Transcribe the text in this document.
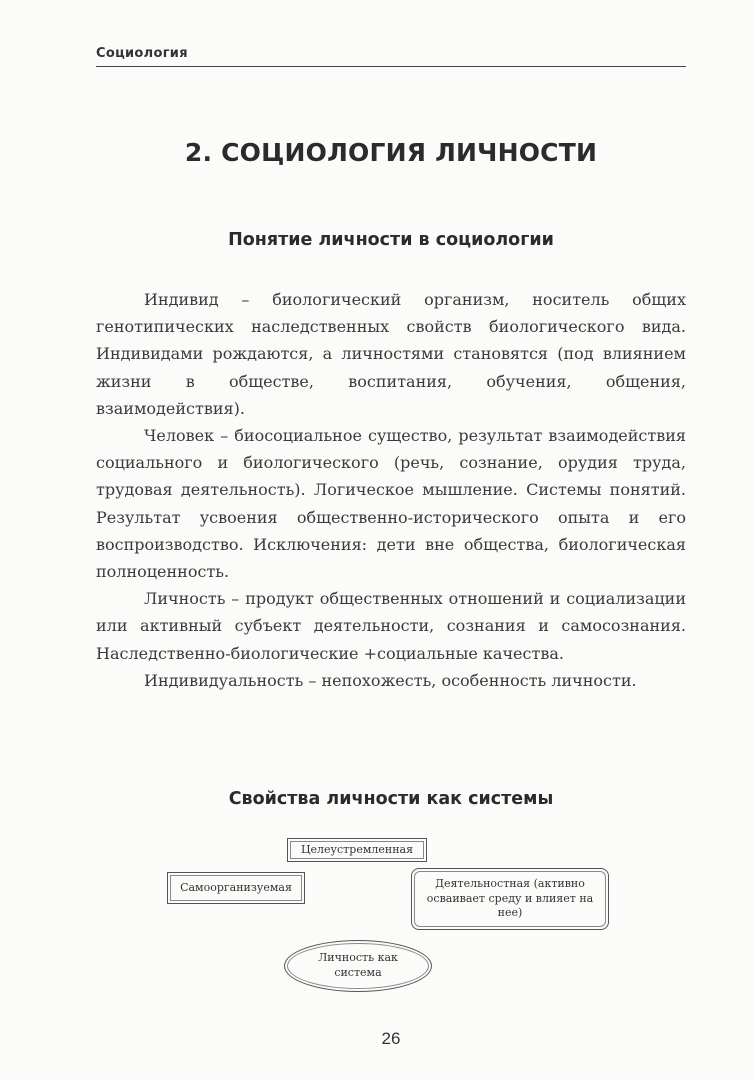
Социология
2. СОЦИОЛОГИЯ ЛИЧНОСТИ
Понятие личности в социологии

Индивид – биологический организм, носитель общих генотипических наследственных свойств биологического вида. Индивидами рождаются, а личностями становятся (под влиянием жизни в обществе, воспитания, обучения, общения, взаимодействия).

Человек – биосоциальное существо, результат взаимодействия социального и биологического (речь, сознание, орудия труда, трудовая деятельность). Логическое мышление. Системы понятий. Результат усвоения общественно-исторического опыта и его воспроизводство. Исключения: дети вне общества, биологическая полноценность.

Личность – продукт общественных отношений и социализации или активный субъект деятельности, сознания и самосознания. Наследственно-биологические +социальные качества.

Индивидуальность – непохожесть, особенность личности.

Свойства личности как системы
Целеустремленная
Самоорганизуемая	Деятельностная (активно осваивает среду и влияет на нее)
Личность как система
26
